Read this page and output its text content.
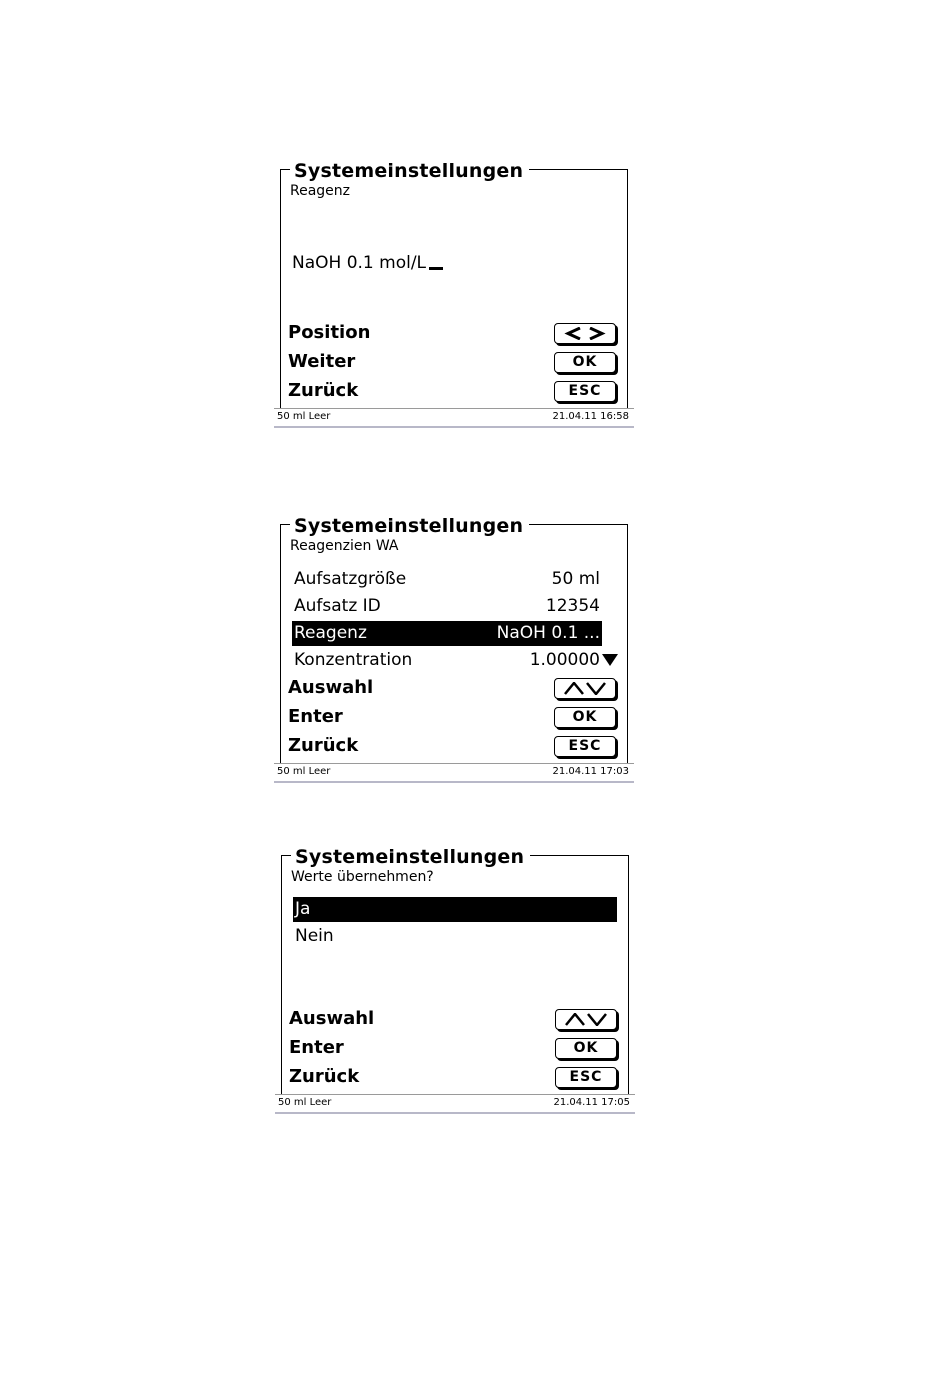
Systemeinstellungen
Reagenz
NaOH 0.1 mol/L
Position
Weiter	OK
Zurück	ESC
50 ml Leer	21.04.11 16:58
Systemeinstellungen
Reagenzien WA
Aufsatzgröße	50 ml
Aufsatz ID	12354
Reagenz	NaOH 0.1 ...
Konzentration	1.00000
Auswahl
Enter	OK
Zurück	ESC
50 ml Leer	21.04.11 17:03
Systemeinstellungen
Werte übernehmen?
Ja
Nein
Auswahl
Enter	OK
Zurück	ESC
50 ml Leer	21.04.11 17:05
